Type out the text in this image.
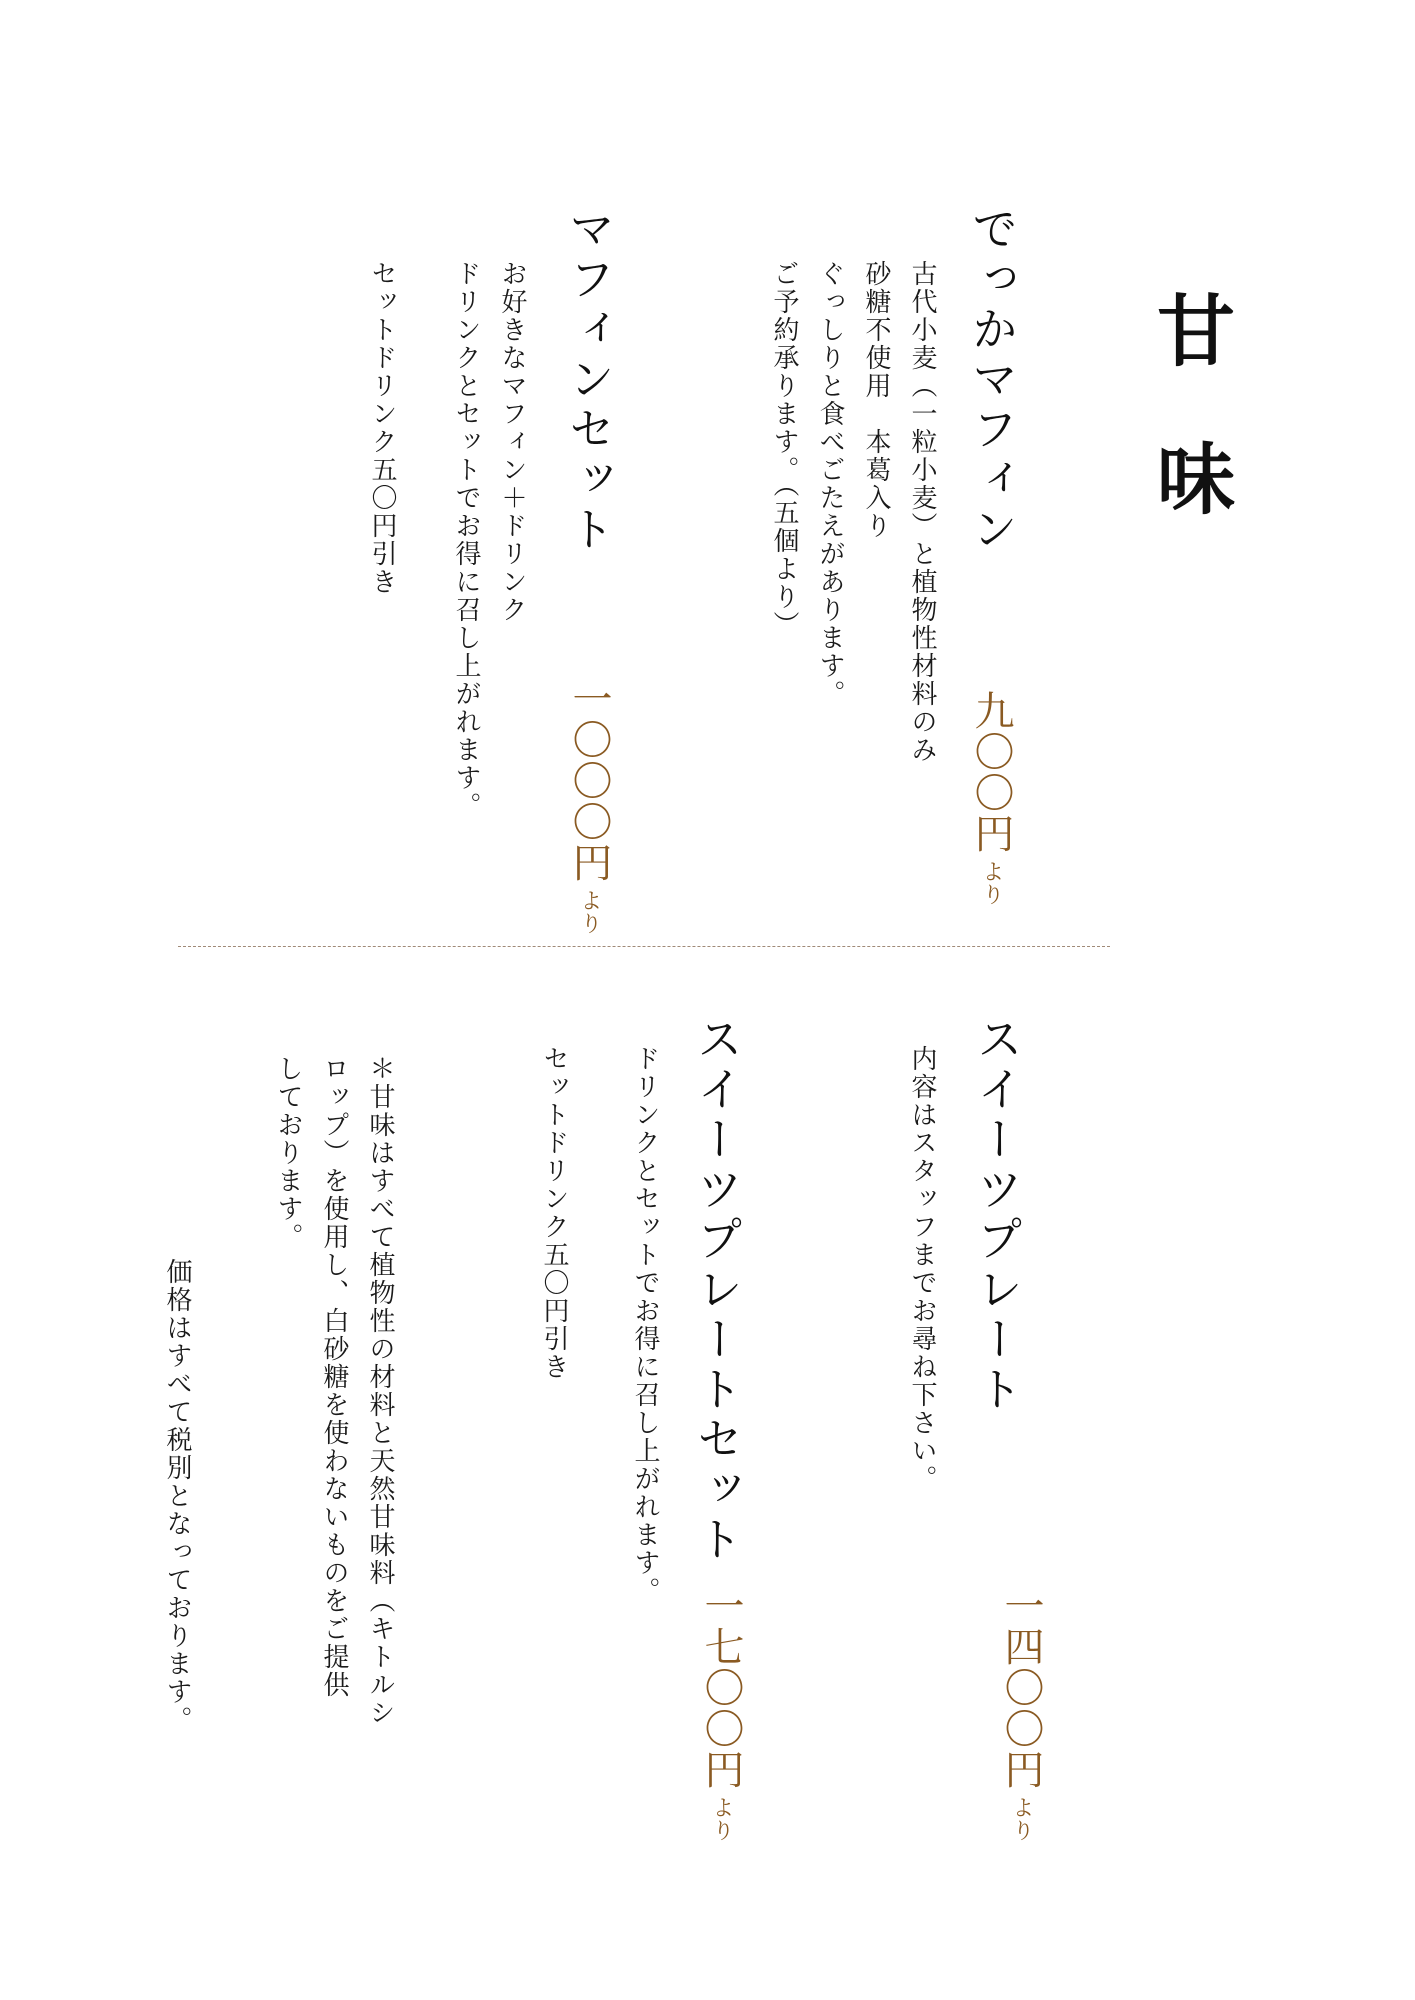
甘味
でっかマフィン
古代小麦（一粒小麦）と植物性材料のみ
砂糖不使用　本葛入り
ぐっしりと食べごたえがあります。
ご予約承ります。（五個より）
九〇〇円より
マフィンセット
お好きなマフィン＋ドリンク
ドリンクとセットでお得に召し上がれます。
セットドリンク五〇円引き
一〇〇〇円より
スイーツプレート
内容はスタッフまでお尋ね下さい。
一四〇〇円より
スイーツプレートセット
ドリンクとセットでお得に召し上がれます。
セットドリンク五〇円引き
一七〇〇円より
＊甘味はすべて植物性の材料と天然甘味料（キトルシ
ロップ）を使用し、白砂糖を使わないものをご提供
しております。
価格はすべて税別となっております。
